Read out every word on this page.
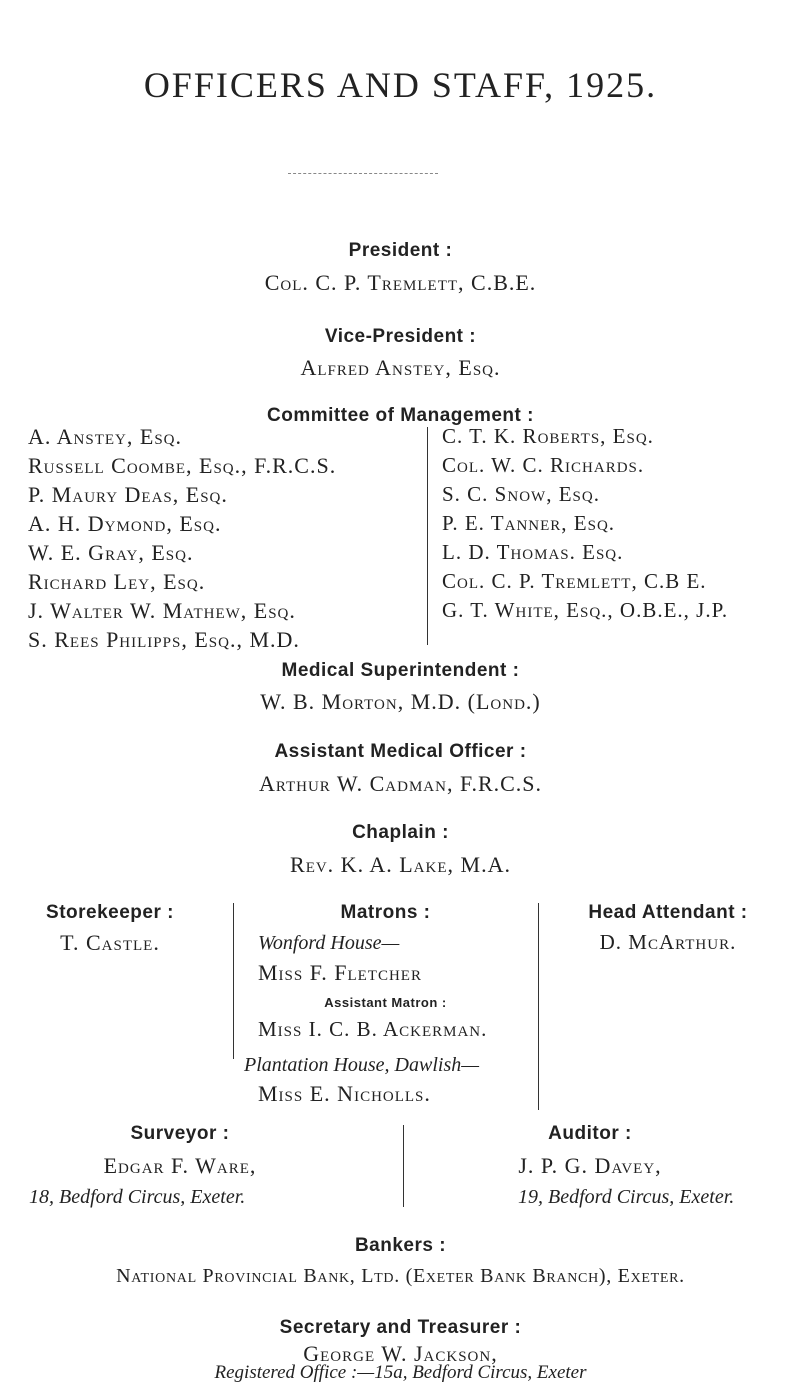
OFFICERS AND STAFF, 1925.
President :
Col. C. P. Tremlett, C.B.E.
Vice-President :
Alfred Anstey, Esq.
Committee of Management :
A. Anstey, Esq.
Russell Coombe, Esq., F.R.C.S.
P. Maury Deas, Esq.
A. H. Dymond, Esq.
W. E. Gray, Esq.
Richard Ley, Esq.
J. Walter W. Mathew, Esq.
S. Rees Philipps, Esq., M.D.
C. T. K. Roberts, Esq.
Col. W. C. Richards.
S. C. Snow, Esq.
P. E. Tanner, Esq.
L. D. Thomas. Esq.
Col. C. P. Tremlett, C.B E.
G. T. White, Esq., O.B.E., J.P.
Medical Superintendent :
W. B. Morton, M.D. (Lond.)
Assistant Medical Officer :
Arthur W. Cadman, F.R.C.S.
Chaplain :
Rev. K. A. Lake, M.A.
Storekeeper :
T. Castle.
Matrons :
Wonford House—
Miss F. Fletcher
Assistant Matron :
Miss I. C. B. Ackerman.
Plantation House, Dawlish—
Miss E. Nicholls.
Head Attendant :
D. McArthur.
Surveyor :
Edgar F. Ware,
18, Bedford Circus, Exeter.
Auditor :
J. P. G. Davey,
19, Bedford Circus, Exeter.
Bankers :
National Provincial Bank, Ltd. (Exeter Bank Branch), Exeter.
Secretary and Treasurer :
George W. Jackson,
Registered Office :—15a, Bedford Circus, Exeter
